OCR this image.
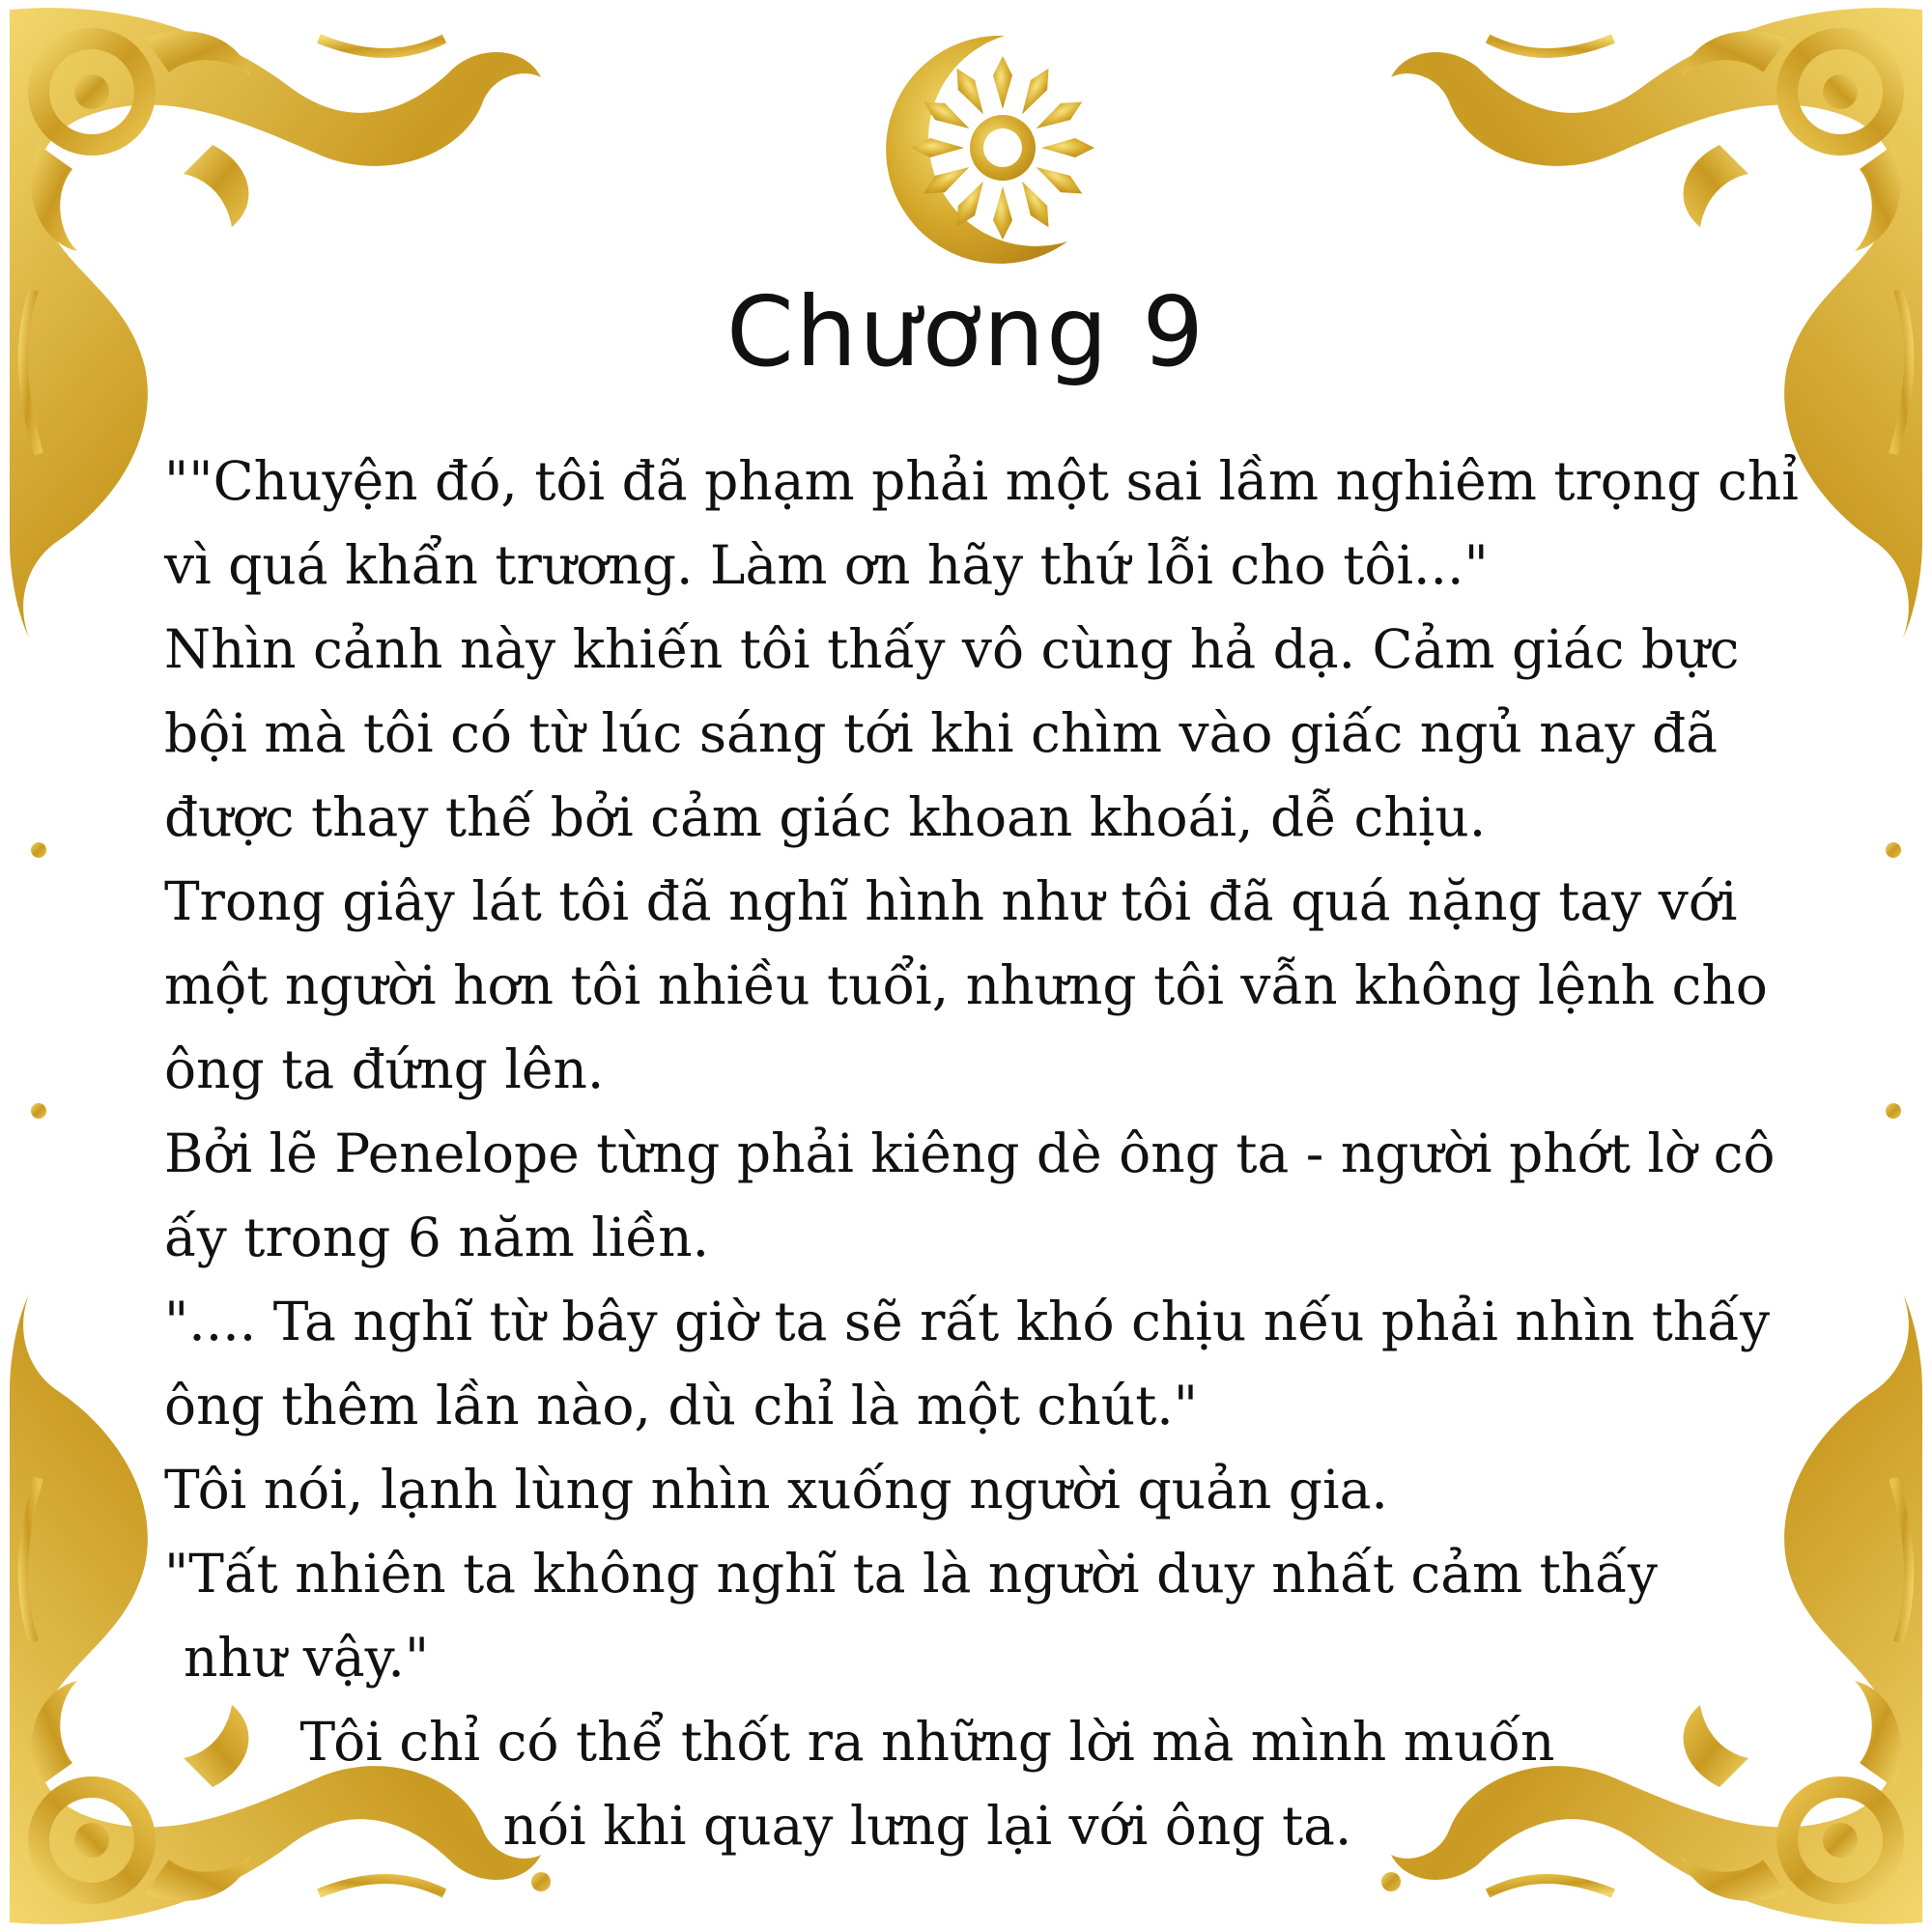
Chương 9

""Chuyện đó, tôi đã phạm phải một sai lầm nghiêm trọng chỉ

vì quá khẩn trương. Làm ơn hãy thứ lỗi cho tôi..."

Nhìn cảnh này khiến tôi thấy vô cùng hả dạ. Cảm giác bực

bội mà tôi có từ lúc sáng tới khi chìm vào giấc ngủ nay đã

được thay thế bởi cảm giác khoan khoái, dễ chịu.

Trong giây lát tôi đã nghĩ hình như tôi đã quá nặng tay với

một người hơn tôi nhiều tuổi, nhưng tôi vẫn không lệnh cho

ông ta đứng lên.

Bởi lẽ Penelope từng phải kiêng dè ông ta - người phớt lờ cô

ấy trong 6 năm liền.

".... Ta nghĩ từ bây giờ ta sẽ rất khó chịu nếu phải nhìn thấy

ông thêm lần nào, dù chỉ là một chút."

Tôi nói, lạnh lùng nhìn xuống người quản gia.

"Tất nhiên ta không nghĩ ta là người duy nhất cảm thấy

như vậy."

Tôi chỉ có thể thốt ra những lời mà mình muốn

nói khi quay lưng lại với ông ta.
